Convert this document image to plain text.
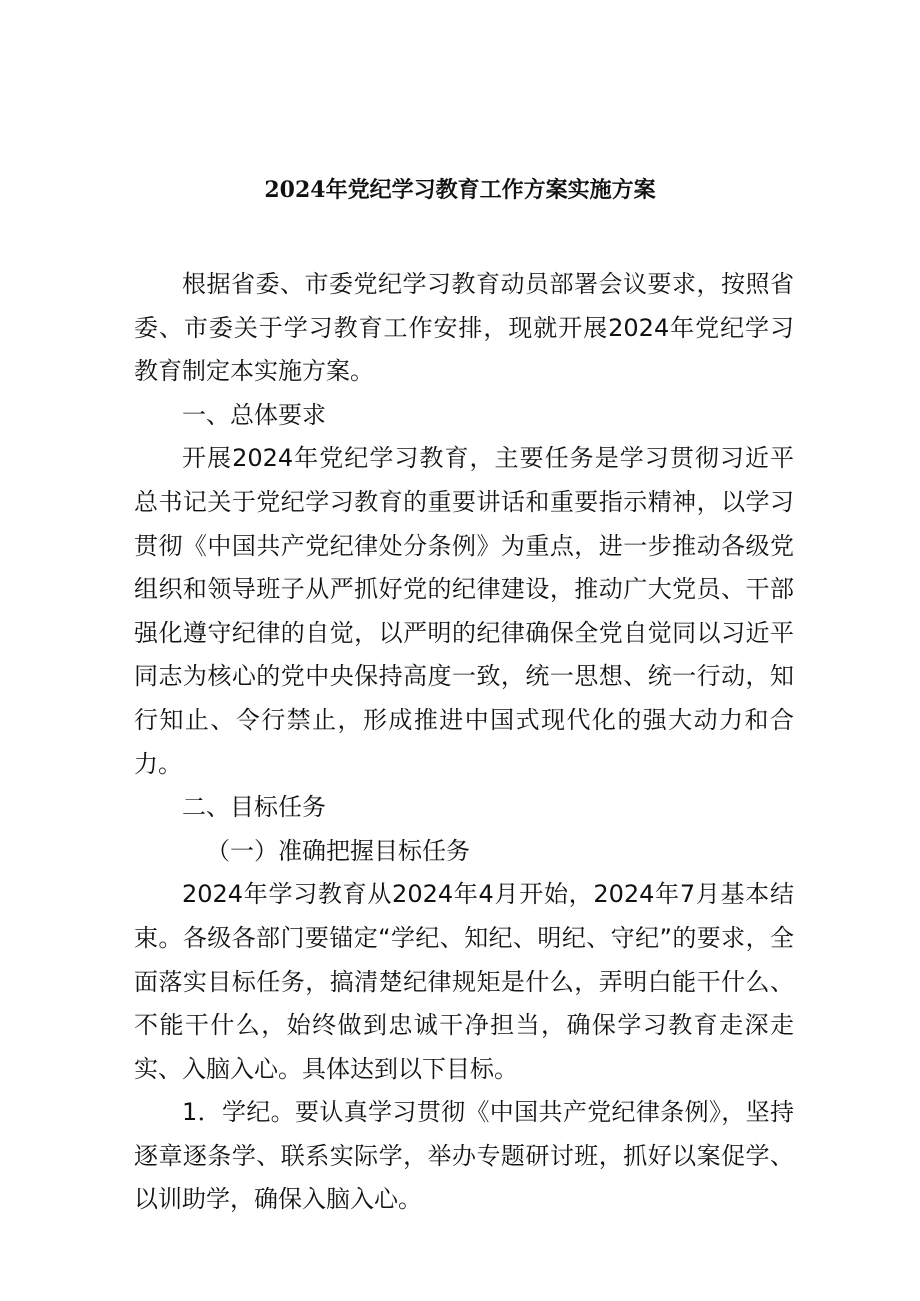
2024年党纪学习教育工作方案实施方案

根据省委、市委党纪学习教育动员部署会议要求，按照省委、市委关于学习教育工作安排，现就开展2024年党纪学习教育制定本实施方案。

一、总体要求

开展2024年党纪学习教育，主要任务是学习贯彻习近平总书记关于党纪学习教育的重要讲话和重要指示精神，以学习贯彻《中国共产党纪律处分条例》为重点，进一步推动各级党组织和领导班子从严抓好党的纪律建设，推动广大党员、干部强化遵守纪律的自觉，以严明的纪律确保全党自觉同以习近平同志为核心的党中央保持高度一致，统一思想、统一行动，知行知止、令行禁止，形成推进中国式现代化的强大动力和合力。

二、目标任务

（一）准确把握目标任务

2024年学习教育从2024年4月开始，2024年7月基本结束。各级各部门要锚定“学纪、知纪、明纪、守纪”的要求，全面落实目标任务，搞清楚纪律规矩是什么，弄明白能干什么、不能干什么，始终做到忠诚干净担当，确保学习教育走深走实、入脑入心。具体达到以下目标。

1．学纪。要认真学习贯彻《中国共产党纪律条例》，坚持逐章逐条学、联系实际学，举办专题研讨班，抓好以案促学、以训助学，确保入脑入心。
